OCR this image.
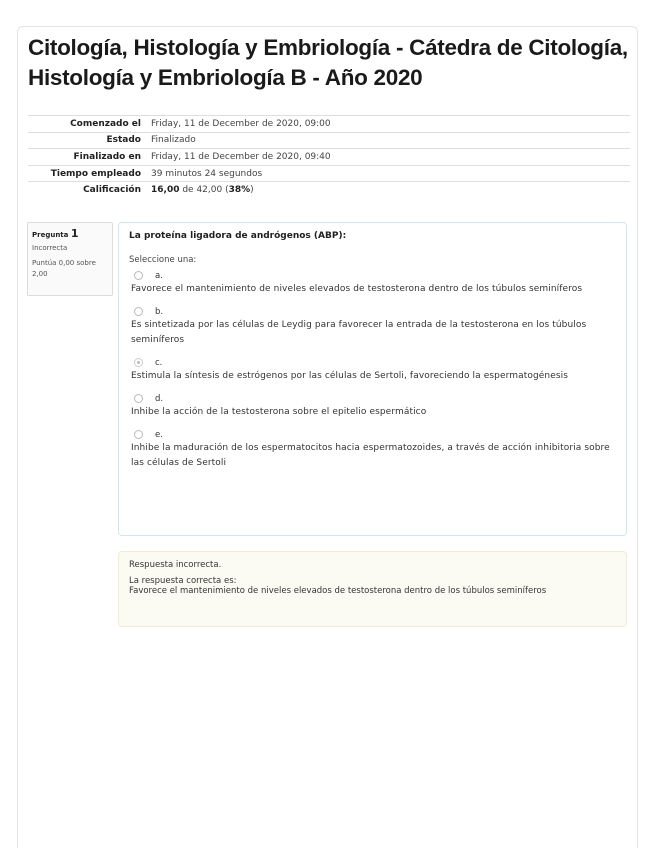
Citología, Histología y Embriología - Cátedra de Citología, Histología y Embriología B - Año 2020
Comenzado el	Friday, 11 de December de 2020, 09:00
Estado	Finalizado
Finalizado en	Friday, 11 de December de 2020, 09:40
Tiempo empleado	39 minutos 24 segundos
Calificación	16,00 de 42,00 (38%)
Pregunta 1
Incorrecta
Puntúa 0,00 sobre 2,00
La proteína ligadora de andrógenos (ABP):
Seleccione una:
a.
Favorece el mantenimiento de niveles elevados de testosterona dentro de los túbulos seminíferos
b.
Es sintetizada por las células de Leydig para favorecer la entrada de la testosterona en los túbulos seminíferos
c.
Estimula la síntesis de estrógenos por las células de Sertoli, favoreciendo la espermatogénesis
d.
Inhibe la acción de la testosterona sobre el epitelio espermático
e.
Inhibe la maduración de los espermatocitos hacia espermatozoides, a través de acción inhibitoria sobre las células de Sertoli
Respuesta incorrecta.
La respuesta correcta es:
Favorece el mantenimiento de niveles elevados de testosterona dentro de los túbulos seminíferos
